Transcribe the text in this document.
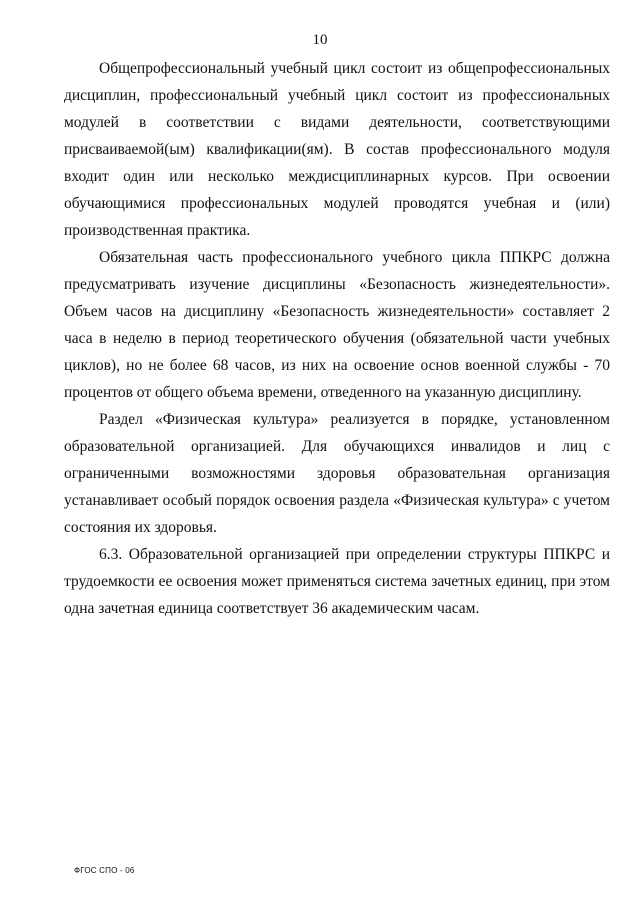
10

Общепрофессиональный учебный цикл состоит из общепрофессиональных дисциплин, профессиональный учебный цикл состоит из профессиональных модулей в соответствии с видами деятельности, соответствующими присваиваемой(ым) квалификации(ям). В состав профессионального модуля входит один или несколько междисциплинарных курсов. При освоении обучающимися профессиональных модулей проводятся учебная и (или) производственная практика.

Обязательная часть профессионального учебного цикла ППКРС должна предусматривать изучение дисциплины «Безопасность жизнедеятельности». Объем часов на дисциплину «Безопасность жизнедеятельности» составляет 2 часа в неделю в период теоретического обучения (обязательной части учебных циклов), но не более 68 часов, из них на освоение основ военной службы - 70 процентов от общего объема времени, отведенного на указанную дисциплину.

Раздел «Физическая культура» реализуется в порядке, установленном образовательной организацией. Для обучающихся инвалидов и лиц с ограниченными возможностями здоровья образовательная организация устанавливает особый порядок освоения раздела «Физическая культура» с учетом состояния их здоровья.

6.3. Образовательной организацией при определении структуры ППКРС и трудоемкости ее освоения может применяться система зачетных единиц, при этом одна зачетная единица соответствует 36 академическим часам.

ФГОС СПО - 06
